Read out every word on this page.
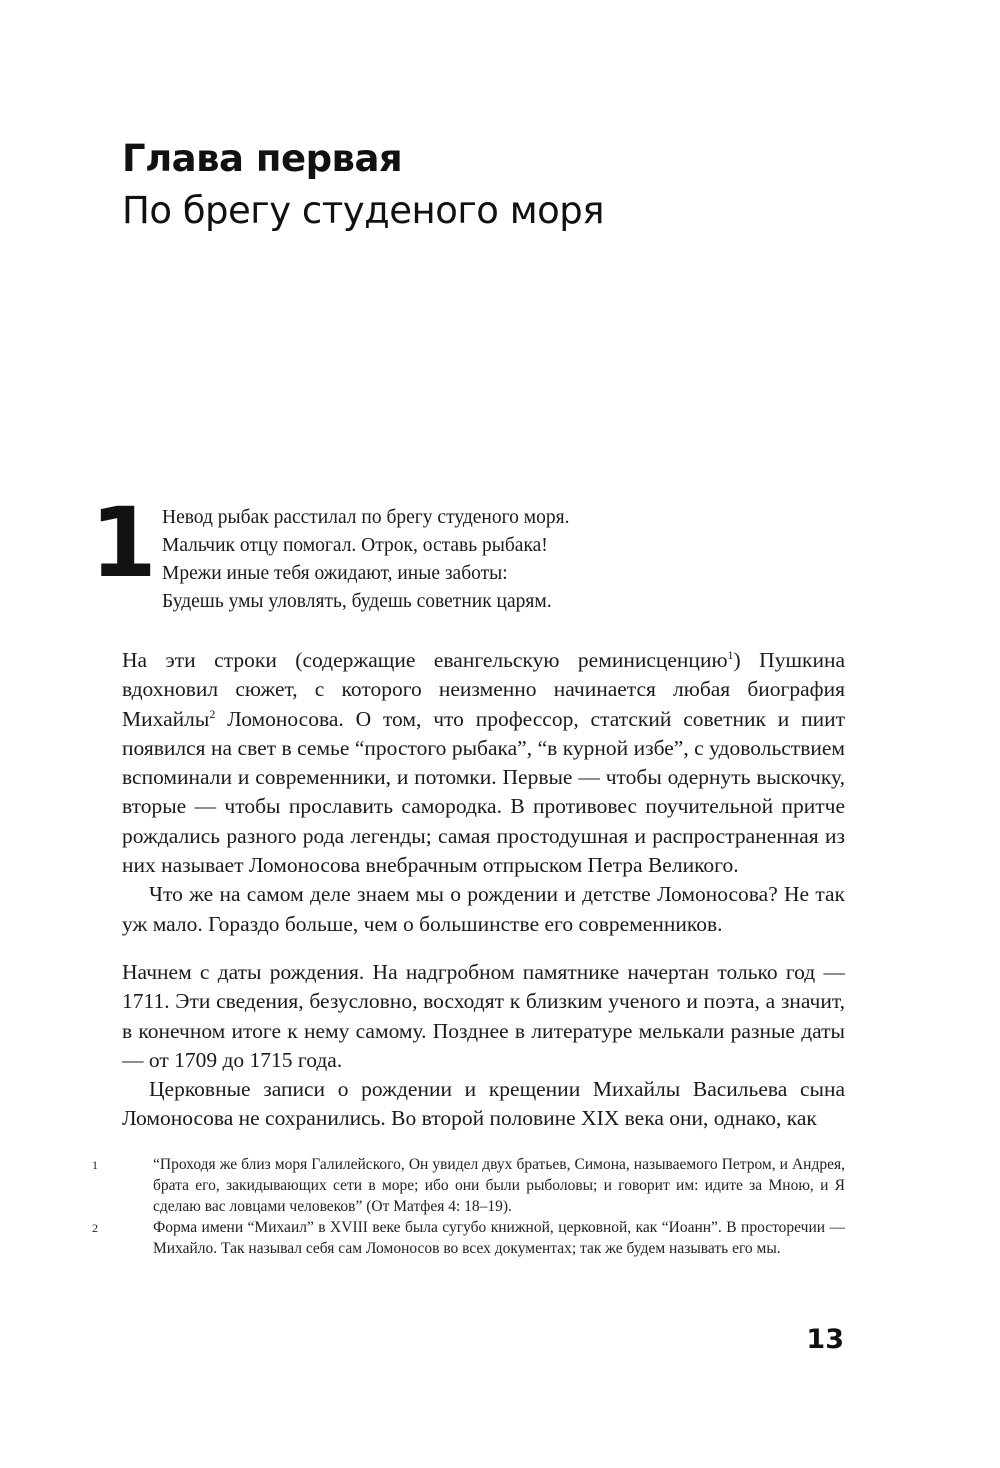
Глава первая
По брегу студеного моря
1 Невод рыбак расстилал по брегу студеного моря.
Мальчик отцу помогал. Отрок, оставь рыбака!
Мрежи иные тебя ожидают, иные заботы:
Будешь умы уловлять, будешь советник царям.

На эти строки (содержащие евангельскую реминисценцию$^1$) Пушкина вдохновил сюжет, с которого неизменно начинается любая биография Михайлы$^2$ Ломоносова. О том, что профессор, статский советник и пиит появился на свет в семье “простого рыбака”, “в курной избе”, с удовольствием вспоминали и современники, и потомки. Первые — чтобы одернуть выскочку, вторые — чтобы прославить самородка. В противовес поучительной притче рождались разного рода легенды; самая простодушная и распространенная из них называет Ломоносова внебрачным отпрыском Петра Великого.

Что же на самом деле знаем мы о рождении и детстве Ломоносова? Не так уж мало. Гораздо больше, чем о большинстве его современников.

Начнем с даты рождения. На надгробном памятнике начертан только год — 1711. Эти сведения, безусловно, восходят к близким ученого и поэта, а значит, в конечном итоге к нему самому. Позднее в литературе мелькали разные даты — от 1709 до 1715 года.

Церковные записи о рождении и крещении Михайлы Васильева сына Ломоносова не сохранились. Во второй половине XIX века они, однако, как

1	“Проходя же близ моря Галилейского, Он увидел двух братьев, Симона, называемого Петром, и Андрея, брата его, закидывающих сети в море; ибо они были рыболовы; и говорит им: идите за Мною, и Я сделаю вас ловцами человеков” (От Матфея 4: 18–19).
2	Форма имени “Михаил” в XVIII веке была сугубо книжной, церковной, как “Иоанн”. В просторечии — Михайло. Так называл себя сам Ломоносов во всех документах; так же будем называть его мы.
13
